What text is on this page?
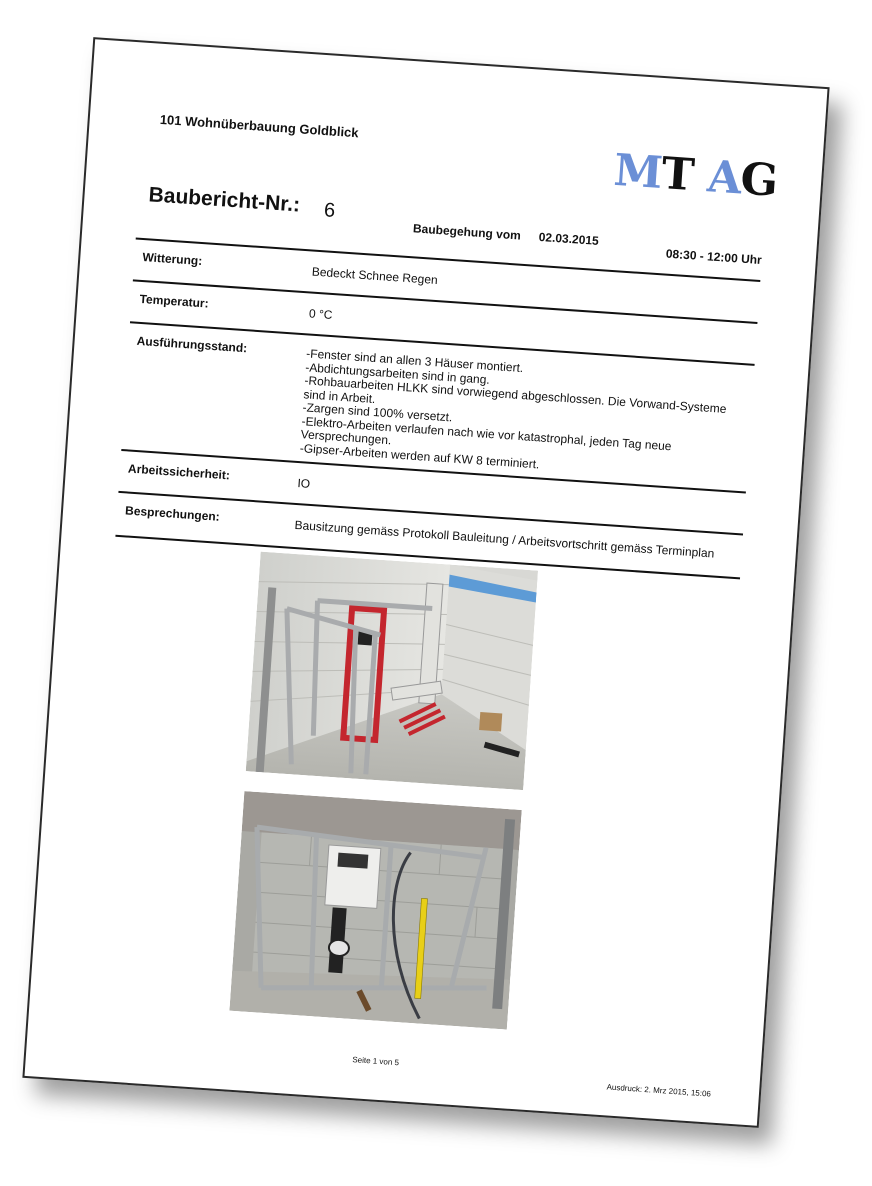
101 Wohnüberbauung Goldblick
MT AG
Baubericht-Nr.: 6
Baubegehung vom 02.03.2015
08:30 - 12:00 Uhr
Witterung:
Bedeckt Schnee Regen
Temperatur:
0 °C
Ausführungsstand:
-Fenster sind an allen 3 Häuser montiert.
-Abdichtungsarbeiten sind in gang.
-Rohbauarbeiten HLKK sind vorwiegend abgeschlossen. Die Vorwand-Systeme
sind in Arbeit.
-Zargen sind 100% versetzt.
-Elektro-Arbeiten verlaufen nach wie vor katastrophal, jeden Tag neue
Versprechungen.
-Gipser-Arbeiten werden auf KW 8 terminiert.
Arbeitssicherheit:
IO
Besprechungen:
Bausitzung gemäss Protokoll Bauleitung / Arbeitsvortschritt gemäss Terminplan
Seite 1 von 5
Ausdruck: 2. Mrz 2015, 15:06
